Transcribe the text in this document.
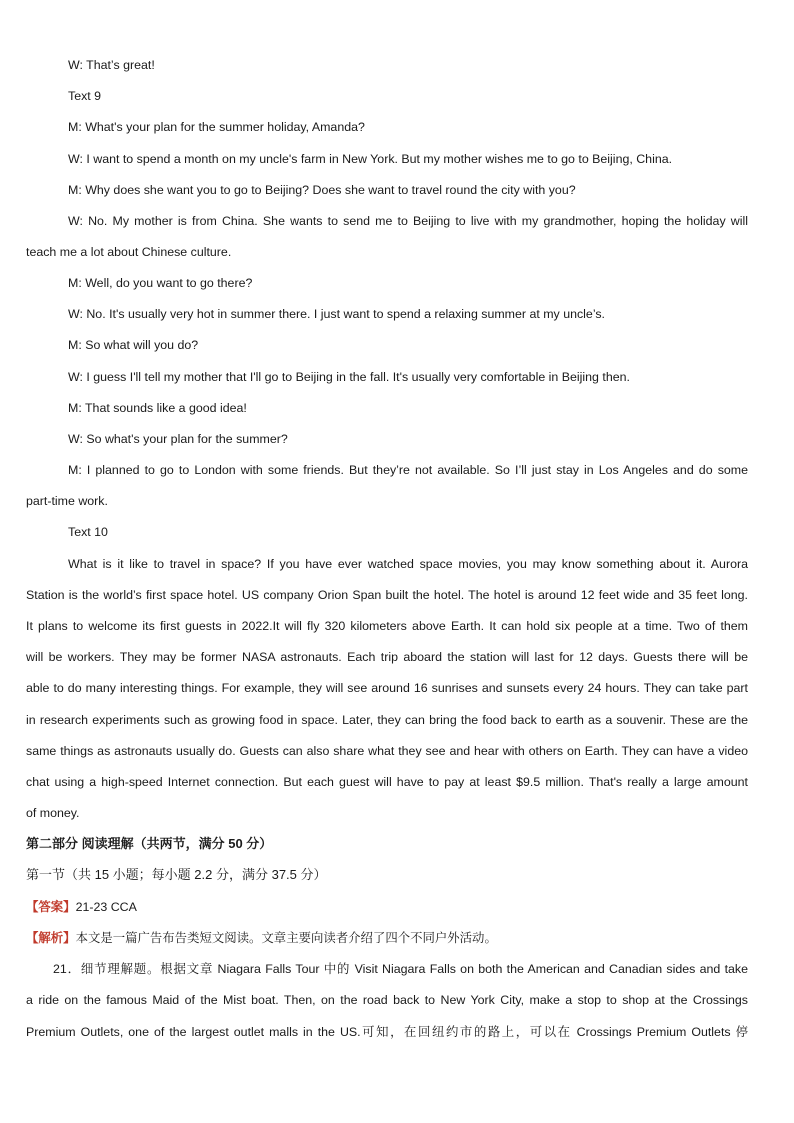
W: That’s great!
Text 9
M: What's your plan for the summer holiday, Amanda?
W: I want to spend a month on my uncle's farm in New York. But my mother wishes me to go to Beijing, China.
M: Why does she want you to go to Beijing? Does she want to travel round the city with you?
W: No. My mother is from China. She wants to send me to Beijing to live with my grandmother, hoping the holiday will
teach me a lot about Chinese culture.
M: Well, do you want to go there?
W: No. It's usually very hot in summer there. I just want to spend a relaxing summer at my uncle’s.
M: So what will you do?
W: I guess I'll tell my mother that I'll go to Beijing in the fall. It's usually very comfortable in Beijing then.
M: That sounds like a good idea!
W: So what's your plan for the summer?
M: I planned to go to London with some friends. But they’re not available. So I’ll just stay in Los Angeles and do some
part-time work.
Text 10
What is it like to travel in space? If you have ever watched space movies, you may know something about it. Aurora
Station is the world’s first space hotel. US company Orion Span built the hotel. The hotel is around 12 feet wide and 35 feet long.
It plans to welcome its first guests in 2022.It will fly 320 kilometers above Earth. It can hold six people at a time. Two of them
will be workers. They may be former NASA astronauts. Each trip aboard the station will last for 12 days. Guests there will be
able to do many interesting things. For example, they will see around 16 sunrises and sunsets every 24 hours. They can take part
in research experiments such as growing food in space. Later, they can bring the food back to earth as a souvenir. These are the
same things as astronauts usually do. Guests can also share what they see and hear with others on Earth. They can have a video
chat using a high-speed Internet connection. But each guest will have to pay at least $9.5 million. That's really a large amount
of money.
第二部分 阅读理解（共两节，满分 50 分）
第一节（共 15 小题；每小题 2.2 分，满分 37.5 分）
【答案】21-23 CCA
【解析】本文是一篇广告布告类短文阅读。文章主要向读者介绍了四个不同户外活动。
21．细节理解题。根据文章 Niagara Falls Tour 中的 Visit Niagara Falls on both the American and Canadian sides and take
a ride on the famous Maid of the Mist boat. Then, on the road back to New York City, make a stop to shop at the Crossings
Premium Outlets, one of the largest outlet malls in the US.可知，在回纽约市的路上，可以在 Crossings Premium Outlets 停
